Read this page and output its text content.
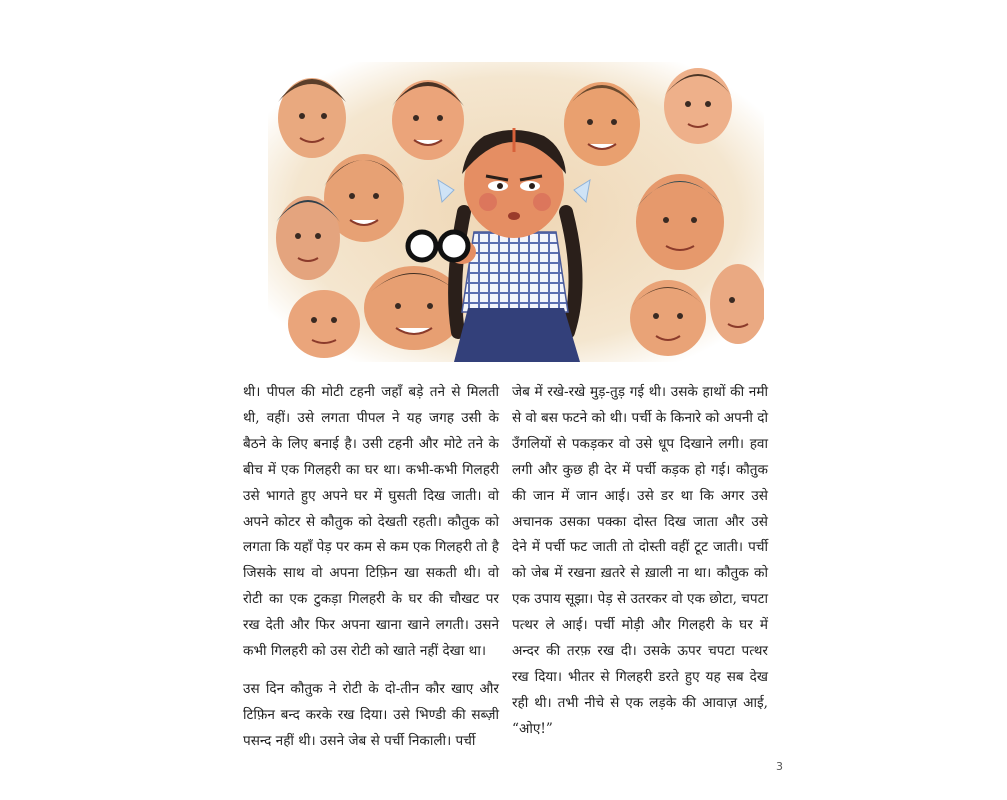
थी। पीपल की मोटी टहनी जहाँ बड़े तने से मिलती थी, वहीं। उसे लगता पीपल ने यह जगह उसी के बैठने के लिए बनाई है। उसी टहनी और मोटे तने के बीच में एक गिलहरी का घर था। कभी-कभी गिलहरी उसे भागते हुए अपने घर में घुसती दिख जाती। वो अपने कोटर से कौतुक को देखती रहती। कौतुक को लगता कि यहाँ पेड़ पर कम से कम एक गिलहरी तो है जिसके साथ वो अपना टिफ़िन खा सकती थी। वो रोटी का एक टुकड़ा गिलहरी के घर की चौखट पर रख देती और फिर अपना खाना खाने लगती। उसने कभी गिलहरी को उस रोटी को खाते नहीं देखा था।

उस दिन कौतुक ने रोटी के दो-तीन कौर खाए और टिफ़िन बन्द करके रख दिया। उसे भिण्डी की सब्ज़ी पसन्द नहीं थी। उसने जेब से पर्ची निकाली। पर्ची

जेब में रखे-रखे मुड़-तुड़ गई थी। उसके हाथों की नमी से वो बस फटने को थी। पर्ची के किनारे को अपनी दो उँगलियों से पकड़कर वो उसे धूप दिखाने लगी। हवा लगी और कुछ ही देर में पर्ची कड़क हो गई। कौतुक की जान में जान आई। उसे डर था कि अगर उसे अचानक उसका पक्का दोस्त दिख जाता और उसे देने में पर्ची फट जाती तो दोस्ती वहीं टूट जाती। पर्ची को जेब में रखना ख़तरे से ख़ाली ना था। कौतुक को एक उपाय सूझा। पेड़ से उतरकर वो एक छोटा, चपटा पत्थर ले आई। पर्ची मोड़ी और गिलहरी के घर में अन्दर की तरफ़ रख दी। उसके ऊपर चपटा पत्थर रख दिया। भीतर से गिलहरी डरते हुए यह सब देख रही थी। तभी नीचे से एक लड़के की आवाज़ आई, “ओए!”

3
